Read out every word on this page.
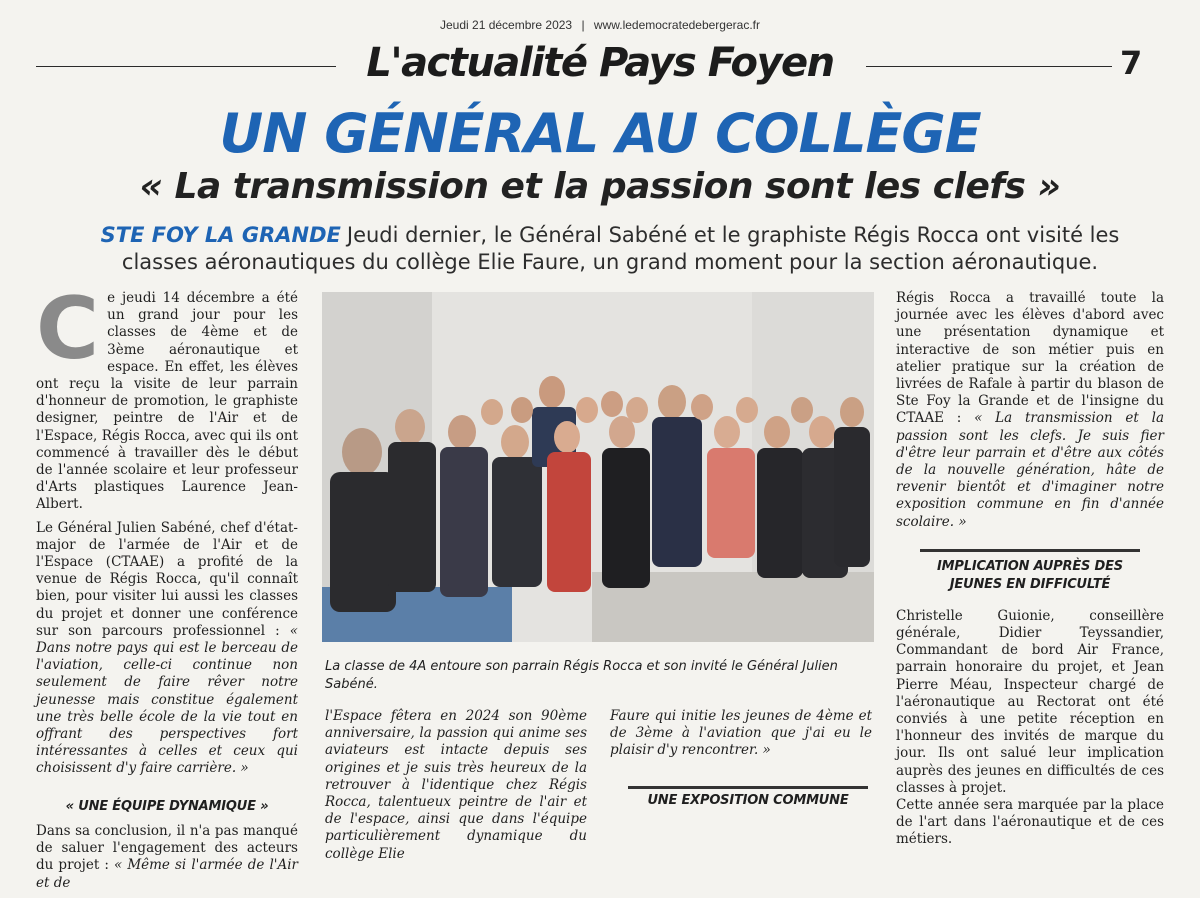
Jeudi 21 décembre 2023 | www.ledemocratedebergerac.fr
L'actualité Pays Foyen	7
UN GÉNÉRAL AU COLLÈGE
« La transmission et la passion sont les clefs »
STE FOY LA GRANDE Jeudi dernier, le Général Sabéné et le graphiste Régis Rocca ont visité les classes aéronautiques du collège Elie Faure, un grand moment pour la section aéronautique.

Ce jeudi 14 décembre a été un grand jour pour les classes de 4ème et de 3ème aéronautique et espace. En effet, les élèves ont reçu la visite de leur parrain d'honneur de promotion, le graphiste designer, peintre de l'Air et de l'Espace, Régis Rocca, avec qui ils ont commencé à travailler dès le début de l'année scolaire et leur professeur d'Arts plastiques Laurence Jean-Albert.

Le Général Julien Sabéné, chef d'état-major de l'armée de l'Air et de l'Espace (CTAAE) a profité de la venue de Régis Rocca, qu'il connaît bien, pour visiter lui aussi les classes du projet et donner une conférence sur son parcours professionnel : « Dans notre pays qui est le berceau de l'aviation, celle-ci continue non seulement de faire rêver notre jeunesse mais constitue également une très belle école de la vie tout en offrant des perspectives fort intéressantes à celles et ceux qui choisissent d'y faire carrière. »

« UNE ÉQUIPE DYNAMIQUE »

Dans sa conclusion, il n'a pas manqué de saluer l'engagement des acteurs du projet : « Même si l'armée de l'Air et de

La classe de 4A entoure son parrain Régis Rocca et son invité le Général Julien Sabéné.
l'Espace fêtera en 2024 son 90ème anniversaire, la passion qui anime ses aviateurs est intacte depuis ses origines et je suis très heureux de la retrouver à l'identique chez Régis Rocca, talentueux peintre de l'air et de l'espace, ainsi que dans l'équipe particulièrement dynamique du collège Elie
Faure qui initie les jeunes de 4ème et de 3ème à l'aviation que j'ai eu le plaisir d'y rencontrer. »
UNE EXPOSITION COMMUNE

Régis Rocca a travaillé toute la journée avec les élèves d'abord avec une présentation dynamique et interactive de son métier puis en atelier pratique sur la création de livrées de Rafale à partir du blason de Ste Foy la Grande et de l'insigne du CTAAE : « La transmission et la passion sont les clefs. Je suis fier d'être leur parrain et d'être aux côtés de la nouvelle génération, hâte de revenir bientôt et d'imaginer notre exposition commune en fin d'année scolaire. »

IMPLICATION AUPRÈS DES JEUNES EN DIFFICULTÉ

Christelle Guionie, conseillère générale, Didier Teyssandier, Commandant de bord Air France, parrain honoraire du projet, et Jean Pierre Méau, Inspecteur chargé de l'aéronautique au Rectorat ont été conviés à une petite réception en l'honneur des invités de marque du jour. Ils ont salué leur implication auprès des jeunes en difficultés de ces classes à projet.

Cette année sera marquée par la place de l'art dans l'aéronautique et de ces métiers.
